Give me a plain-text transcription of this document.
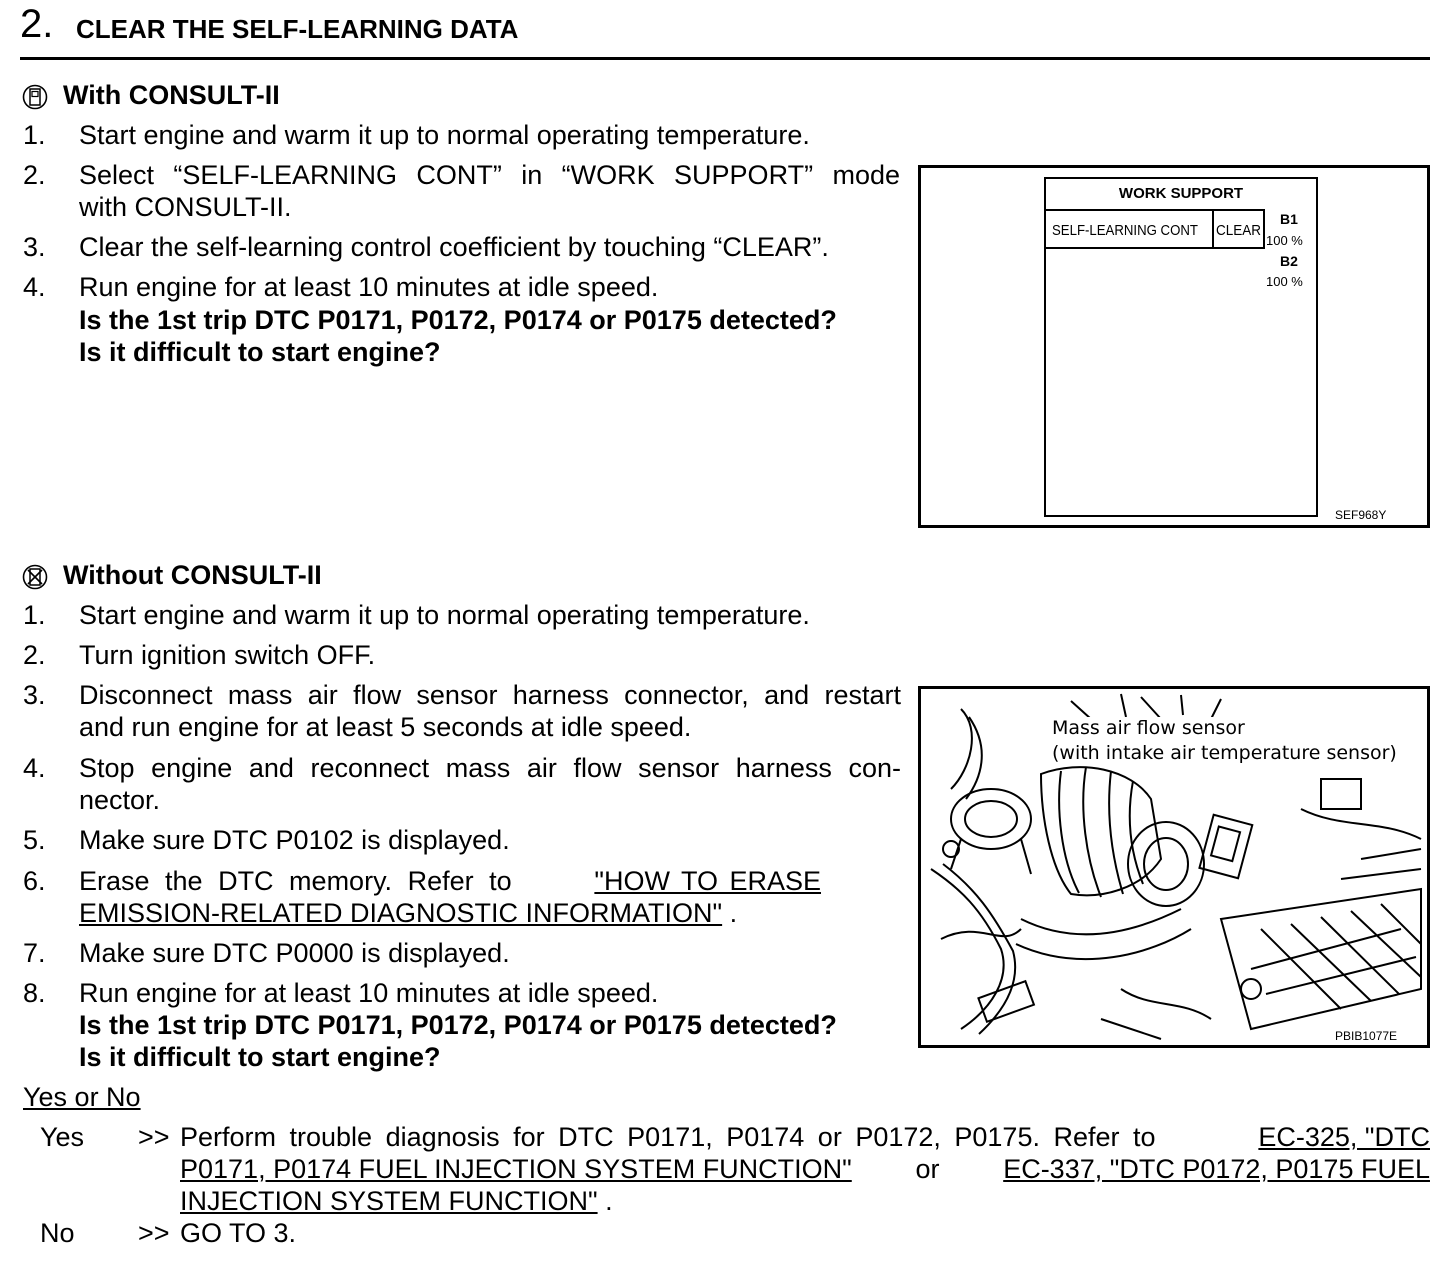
2. CLEAR THE SELF-LEARNING DATA
With CONSULT-II
1. Start engine and warm it up to normal operating temperature.
2. Select “SELF-LEARNING CONT” in “WORK SUPPORT” mode
with CONSULT-II.
3. Clear the self-learning control coefficient by touching “CLEAR”.
4. Run engine for at least 10 minutes at idle speed.
Is the 1st trip DTC P0171, P0172, P0174 or P0175 detected?
Is it difficult to start engine?
WORK SUPPORT
SELF-LEARNING CONT CLEAR
B1
100 %
B2
100 %
SEF968Y
Without CONSULT-II
1. Start engine and warm it up to normal operating temperature.
2. Turn ignition switch OFF.
3. Disconnect mass air flow sensor harness connector, and restart
and run engine for at least 5 seconds at idle speed.
4. Stop engine and reconnect mass air flow sensor harness con-
nector.
5. Make sure DTC P0102 is displayed.
6. Erase the DTC memory. Refer to	"HOW TO ERASE
EMISSION-RELATED DIAGNOSTIC INFORMATION" .
7. Make sure DTC P0000 is displayed.
8. Run engine for at least 10 minutes at idle speed.
Is the 1st trip DTC P0171, P0172, P0174 or P0175 detected?
Is it difficult to start engine?
Mass air flow sensor
(with intake air temperature sensor)
PBIB1077E
Yes or No
Yes >> Perform trouble diagnosis for DTC P0171, P0174 or P0172, P0175. Refer to	EC-325, "DTC
P0171, P0174 FUEL INJECTION SYSTEM FUNCTION" or EC-337, "DTC P0172, P0175 FUEL
INJECTION SYSTEM FUNCTION" .
No >> GO TO 3.
